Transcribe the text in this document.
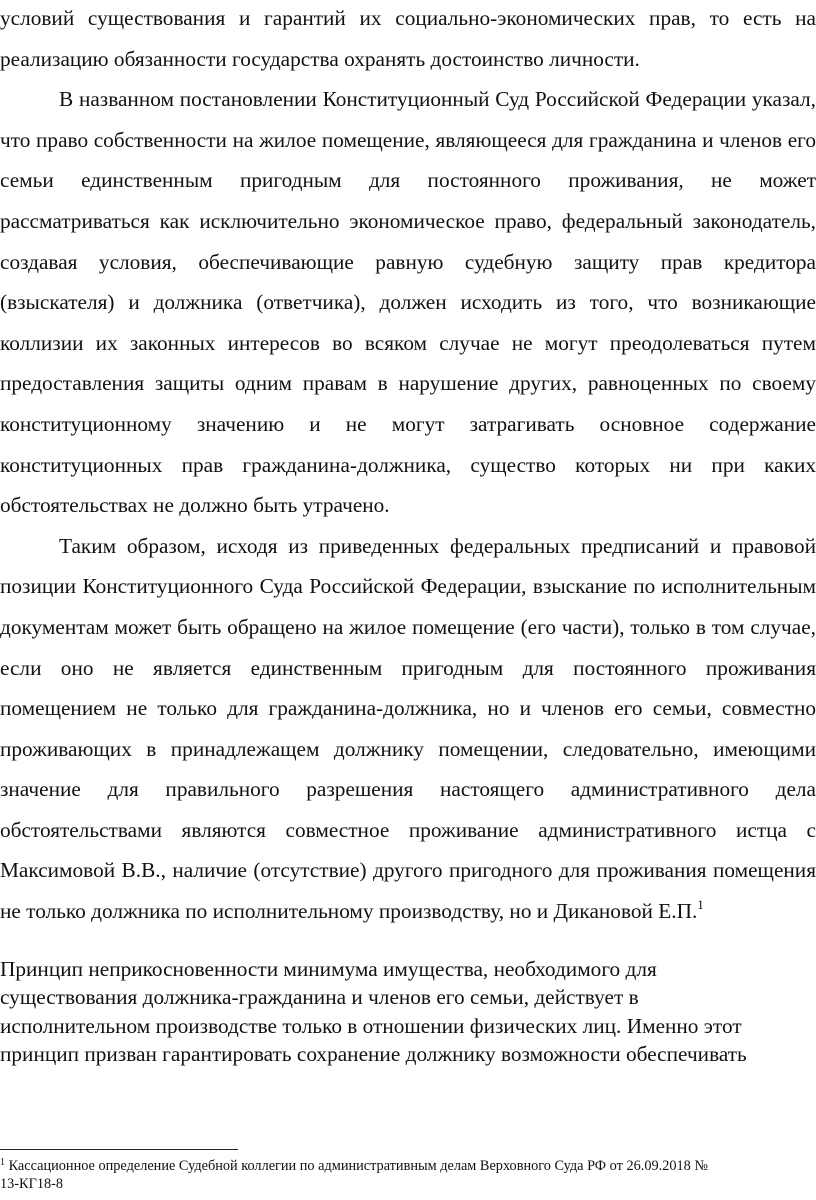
условий существования и гарантий их социально-экономических прав, то есть на реализацию обязанности государства охранять достоинство личности.

В названном постановлении Конституционный Суд Российской Федерации указал, что право собственности на жилое помещение, являющееся для гражданина и членов его семьи единственным пригодным для постоянного проживания, не может рассматриваться как исключительно экономическое право, федеральный законодатель, создавая условия, обеспечивающие равную судебную защиту прав кредитора (взыскателя) и должника (ответчика), должен исходить из того, что возникающие коллизии их законных интересов во всяком случае не могут преодолеваться путем предоставления защиты одним правам в нарушение других, равноценных по своему конституционному значению и не могут затрагивать основное содержание конституционных прав гражданина-должника, существо которых ни при каких обстоятельствах не должно быть утрачено.

Таким образом, исходя из приведенных федеральных предписаний и правовой позиции Конституционного Суда Российской Федерации, взыскание по исполнительным документам может быть обращено на жилое помещение (его части), только в том случае, если оно не является единственным пригодным для постоянного проживания помещением не только для гражданина-должника, но и членов его семьи, совместно проживающих в принадлежащем должнику помещении, следовательно, имеющими значение для правильного разрешения настоящего административного дела обстоятельствами являются совместное проживание административного истца с Максимовой В.В., наличие (отсутствие) другого пригодного для проживания помещения не только должника по исполнительному производству, но и Дикановой Е.П.$^1$

Принцип неприкосновенности минимума имущества, необходимого для

существования должника-гражданина и членов его семьи, действует в

исполнительном производстве только в отношении физических лиц. Именно этот

принцип призван гарантировать сохранение должнику возможности обеспечивать

$^1$ Кассационное определение Судебной коллегии по административным делам Верховного Суда РФ от 26.09.2018 №

13-КГ18-8
